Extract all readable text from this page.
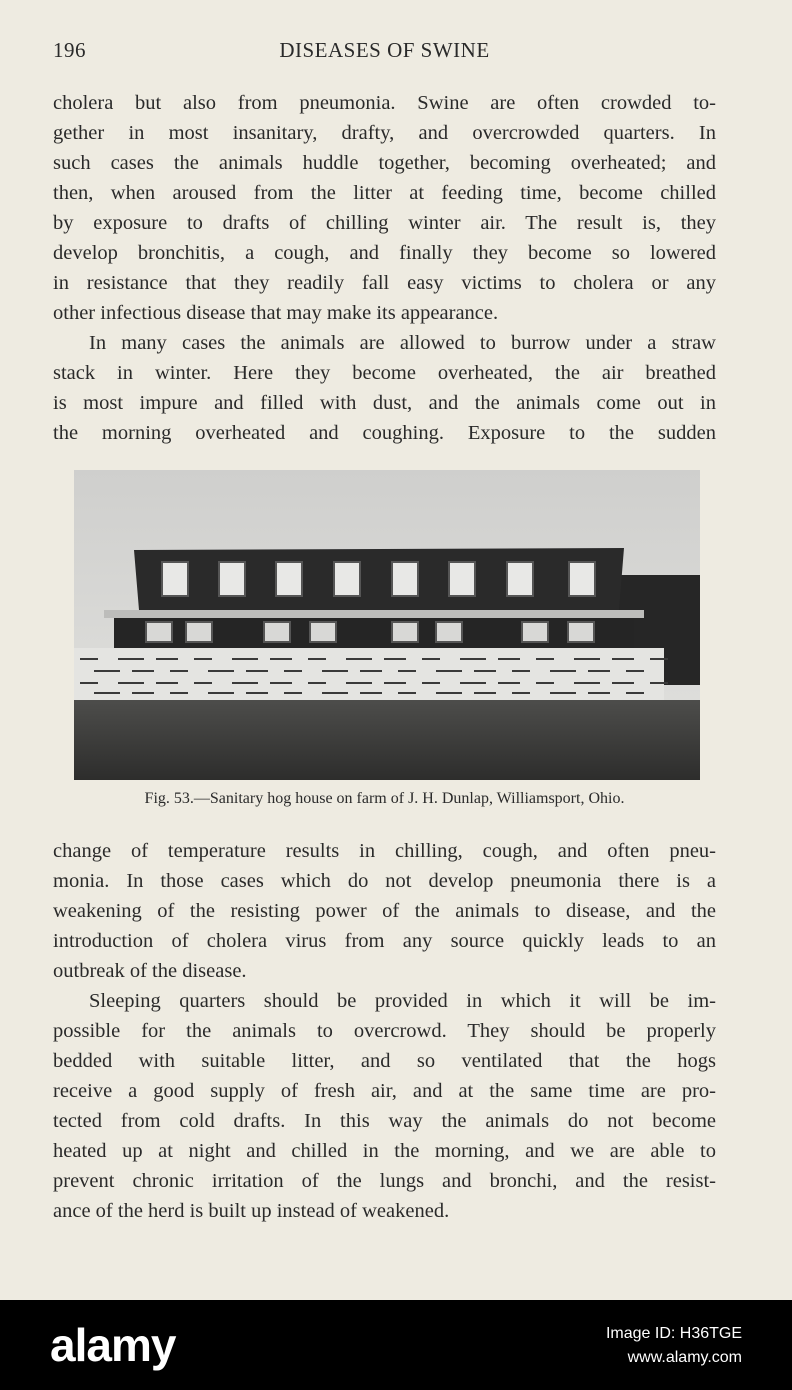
196	DISEASES OF SWINE
cholera but also from pneumonia. Swine are often crowded to-
gether in most insanitary, drafty, and overcrowded quarters. In
such cases the animals huddle together, becoming overheated; and
then, when aroused from the litter at feeding time, become chilled
by exposure to drafts of chilling winter air. The result is, they
develop bronchitis, a cough, and finally they become so lowered
in resistance that they readily fall easy victims to cholera or any
other infectious disease that may make its appearance.
In many cases the animals are allowed to burrow under a straw
stack in winter. Here they become overheated, the air breathed
is most impure and filled with dust, and the animals come out in
the morning overheated and coughing. Exposure to the sudden
Fig. 53.—Sanitary hog house on farm of J. H. Dunlap, Williamsport, Ohio.
change of temperature results in chilling, cough, and often pneu-
monia. In those cases which do not develop pneumonia there is a
weakening of the resisting power of the animals to disease, and the
introduction of cholera virus from any source quickly leads to an
outbreak of the disease.
Sleeping quarters should be provided in which it will be im-
possible for the animals to overcrowd. They should be properly
bedded with suitable litter, and so ventilated that the hogs
receive a good supply of fresh air, and at the same time are pro-
tected from cold drafts. In this way the animals do not become
heated up at night and chilled in the morning, and we are able to
prevent chronic irritation of the lungs and bronchi, and the resist-
ance of the herd is built up instead of weakened.
alamy	Image ID: H36TGE
www.alamy.com
